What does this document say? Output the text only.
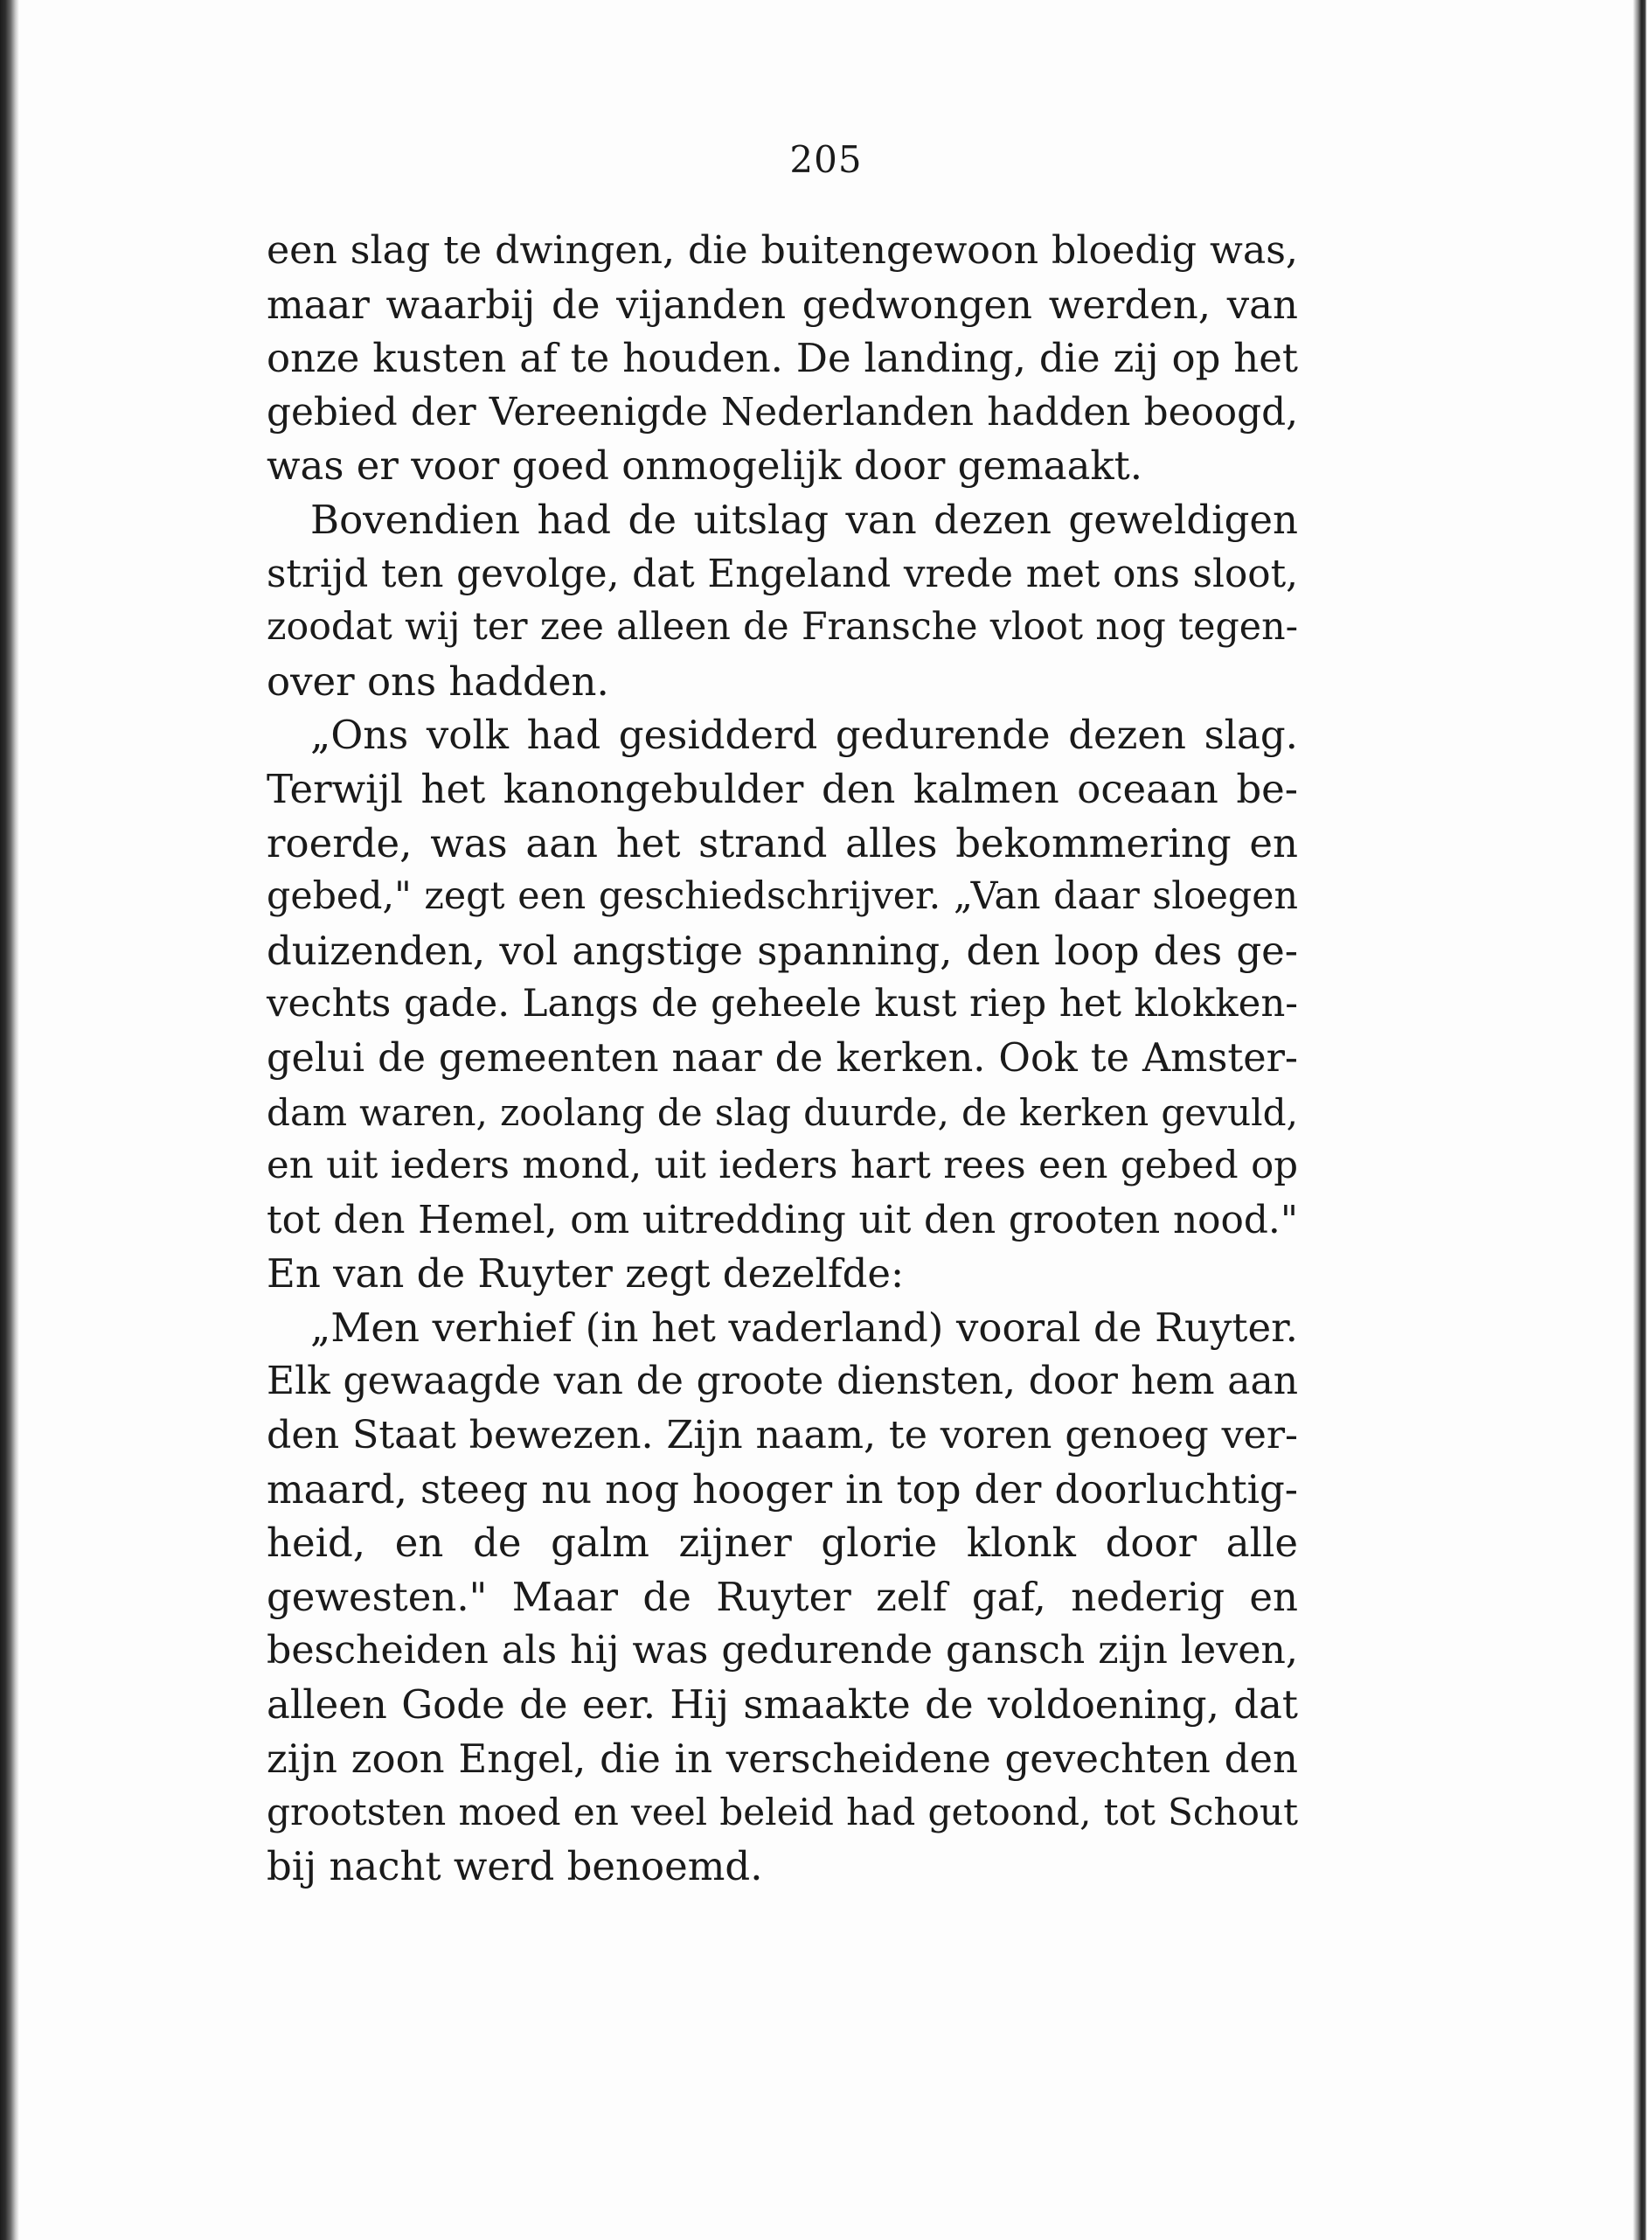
205
een slag te dwingen, die buitengewoon bloedig was,
maar waarbij de vijanden gedwongen werden, van
onze kusten af te houden. De landing, die zij op het
gebied der Vereenigde Nederlanden hadden beoogd,
was er voor goed onmogelijk door gemaakt.
Bovendien had de uitslag van dezen geweldigen
strijd ten gevolge, dat Engeland vrede met ons sloot,
zoodat wij ter zee alleen de Fransche vloot nog tegen-
over ons hadden.
„Ons volk had gesidderd gedurende dezen slag.
Terwijl het kanongebulder den kalmen oceaan be-
roerde, was aan het strand alles bekommering en
gebed," zegt een geschiedschrijver. „Van daar sloegen
duizenden, vol angstige spanning, den loop des ge-
vechts gade. Langs de geheele kust riep het klokken-
gelui de gemeenten naar de kerken. Ook te Amster-
dam waren, zoolang de slag duurde, de kerken gevuld,
en uit ieders mond, uit ieders hart rees een gebed op
tot den Hemel, om uitredding uit den grooten nood."
En van de Ruyter zegt dezelfde:
„Men verhief (in het vaderland) vooral de Ruyter.
Elk gewaagde van de groote diensten, door hem aan
den Staat bewezen. Zijn naam, te voren genoeg ver-
maard, steeg nu nog hooger in top der doorluchtig-
heid, en de galm zijner glorie klonk door alle
gewesten." Maar de Ruyter zelf gaf, nederig en
bescheiden als hij was gedurende gansch zijn leven,
alleen Gode de eer. Hij smaakte de voldoening, dat
zijn zoon Engel, die in verscheidene gevechten den
grootsten moed en veel beleid had getoond, tot Schout
bij nacht werd benoemd.
